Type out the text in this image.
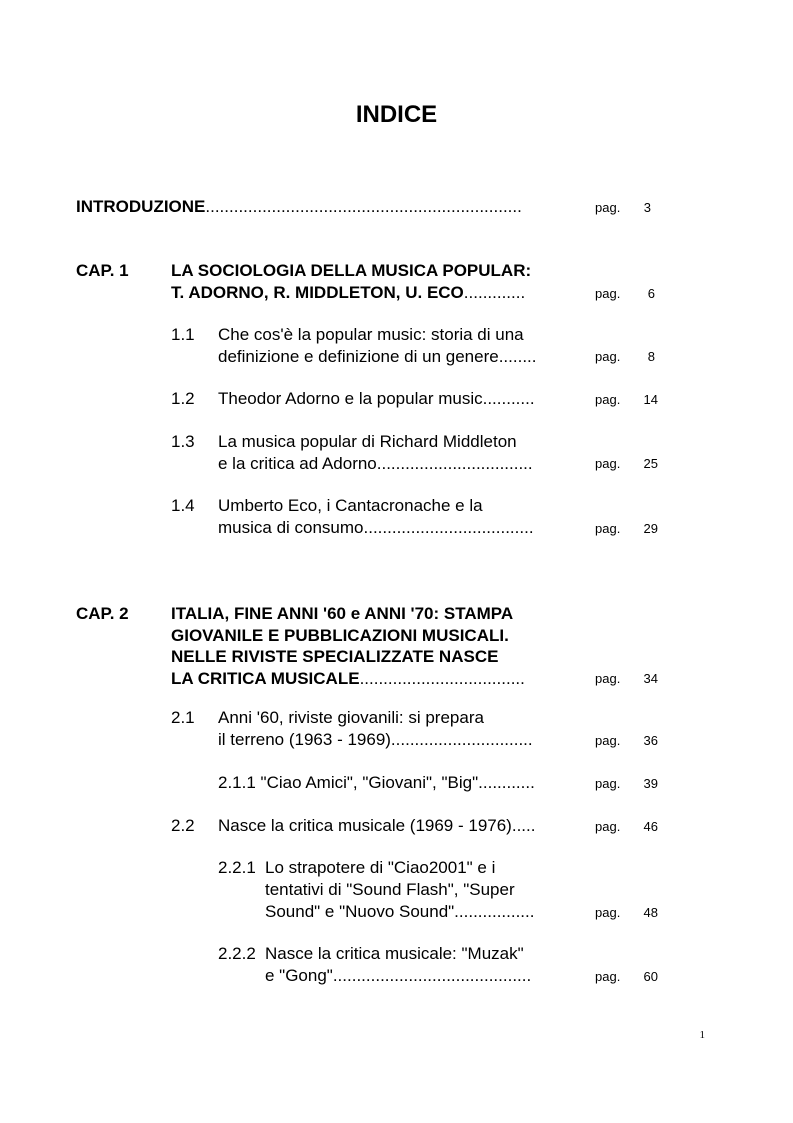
INDICE
INTRODUZIONE...................................................................	pag.	3
CAP. 1 LA SOCIOLOGIA DELLA MUSICA POPULAR:
T. ADORNO, R. MIDDLETON, U. ECO.............	pag.	6
1.1 Che cos'è la popular music: storia di una
definizione e definizione di un genere........	pag.	8
1.2 Theodor Adorno e la popular music...........	pag.	14
1.3 La musica popular di Richard Middleton
e la critica ad Adorno.................................	pag.	25
1.4 Umberto Eco, i Cantacronache e la
musica di consumo....................................	pag.	29
CAP. 2 ITALIA, FINE ANNI '60 e ANNI '70: STAMPA
GIOVANILE E PUBBLICAZIONI MUSICALI.
NELLE RIVISTE SPECIALIZZATE NASCE
LA CRITICA MUSICALE...................................	pag.	34
2.1 Anni '60, riviste giovanili: si prepara
il terreno (1963 - 1969)..............................	pag.	36
2.1.1 "Ciao Amici", "Giovani", "Big"............	pag.	39
2.2 Nasce la critica musicale (1969 - 1976).....	pag.	46
2.2.1 Lo strapotere di "Ciao2001" e i
tentativi di "Sound Flash", "Super
Sound" e "Nuovo Sound".................	pag.	48
2.2.2 Nasce la critica musicale: "Muzak"
e "Gong"..........................................	pag.	60
1
